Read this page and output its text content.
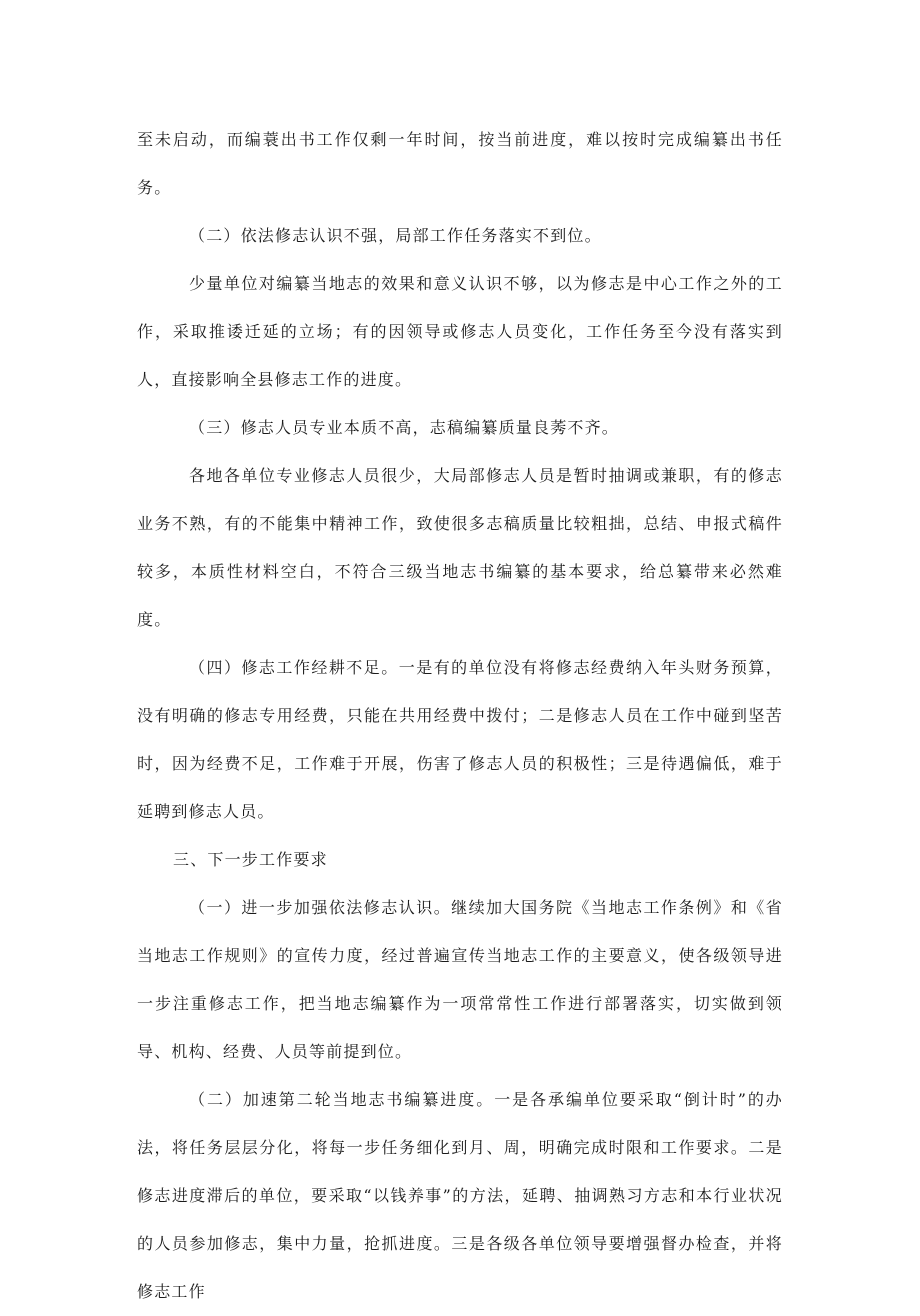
至未启动，而编蓑出书工作仅剩一年时间，按当前进度，难以按时完成编纂出书任务。

（二）依法修志认识不强，局部工作任务落实不到位。

少量单位对编纂当地志的效果和意义认识不够，以为修志是中心工作之外的工作，采取推诿迁延的立场；有的因领导或修志人员变化，工作任务至今没有落实到人，直接影响全县修志工作的进度。

（三）修志人员专业本质不高，志稿编纂质量良莠不齐。

各地各单位专业修志人员很少，大局部修志人员是暂时抽调或兼职，有的修志业务不熟，有的不能集中精神工作，致使很多志稿质量比较粗拙，总结、申报式稿件较多，本质性材料空白，不符合三级当地志书编纂的基本要求，给总纂带来必然难度。

（四）修志工作经耕不足。一是有的单位没有将修志经费纳入年头财务预算，没有明确的修志专用经费，只能在共用经费中拨付；二是修志人员在工作中碰到坚苦时，因为经费不足，工作难于开展，伤害了修志人员的积极性；三是待遇偏低，难于延聘到修志人员。

三、下一步工作要求

（一）进一步加强依法修志认识。继续加大国务院《当地志工作条例》和《省当地志工作规则》的宣传力度，经过普遍宣传当地志工作的主要意义，使各级领导进一步注重修志工作，把当地志编纂作为一项常常性工作进行部署落实，切实做到领导、机构、经费、人员等前提到位。

（二）加速第二轮当地志书编纂进度。一是各承编单位要采取“倒计时”的办法，将任务层层分化，将每一步任务细化到月、周，明确完成时限和工作要求。二是修志进度滞后的单位，要采取“以钱养事”的方法，延聘、抽调熟习方志和本行业状况的人员参加修志，集中力量，抢抓进度。三是各级各单位领导要增强督办检查，并将修志工作
